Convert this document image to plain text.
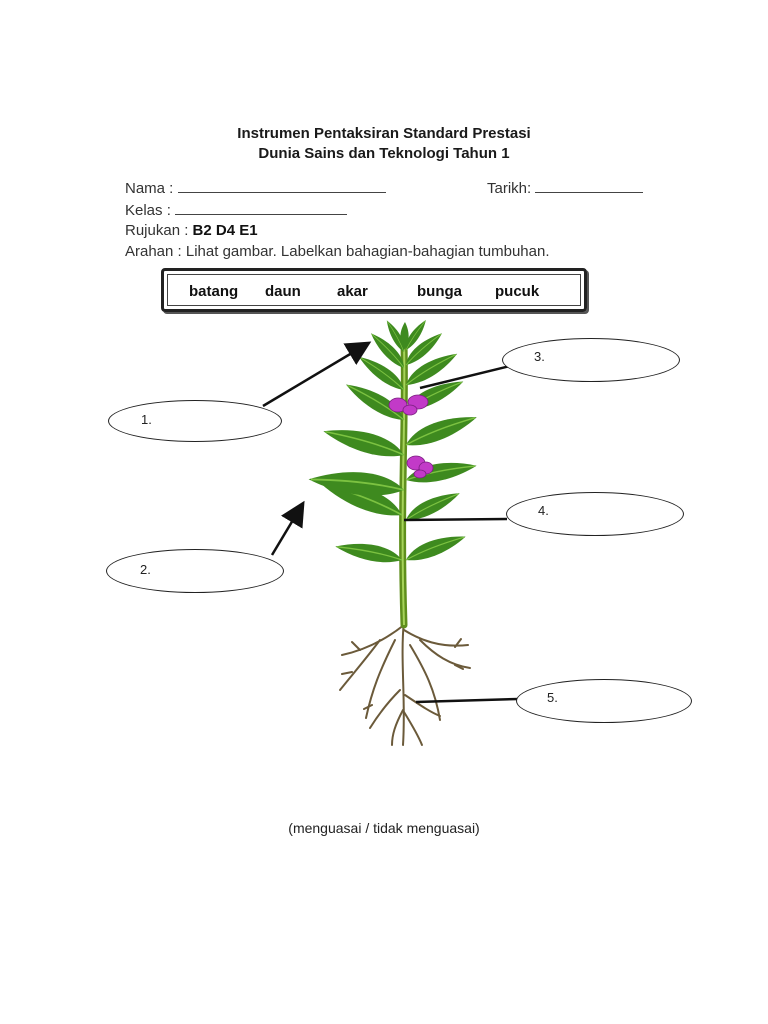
Instrumen Pentaksiran Standard Prestasi
Dunia Sains dan Teknologi Tahun 1
Nama :	Tarikh:
Kelas :
Rujukan : B2 D4 E1
Arahan : Lihat gambar. Labelkan bahagian-bahagian tumbuhan.
batang daun akar	bunga pucuk
1.
2.
3.
4.
5.
(menguasai / tidak menguasai)
